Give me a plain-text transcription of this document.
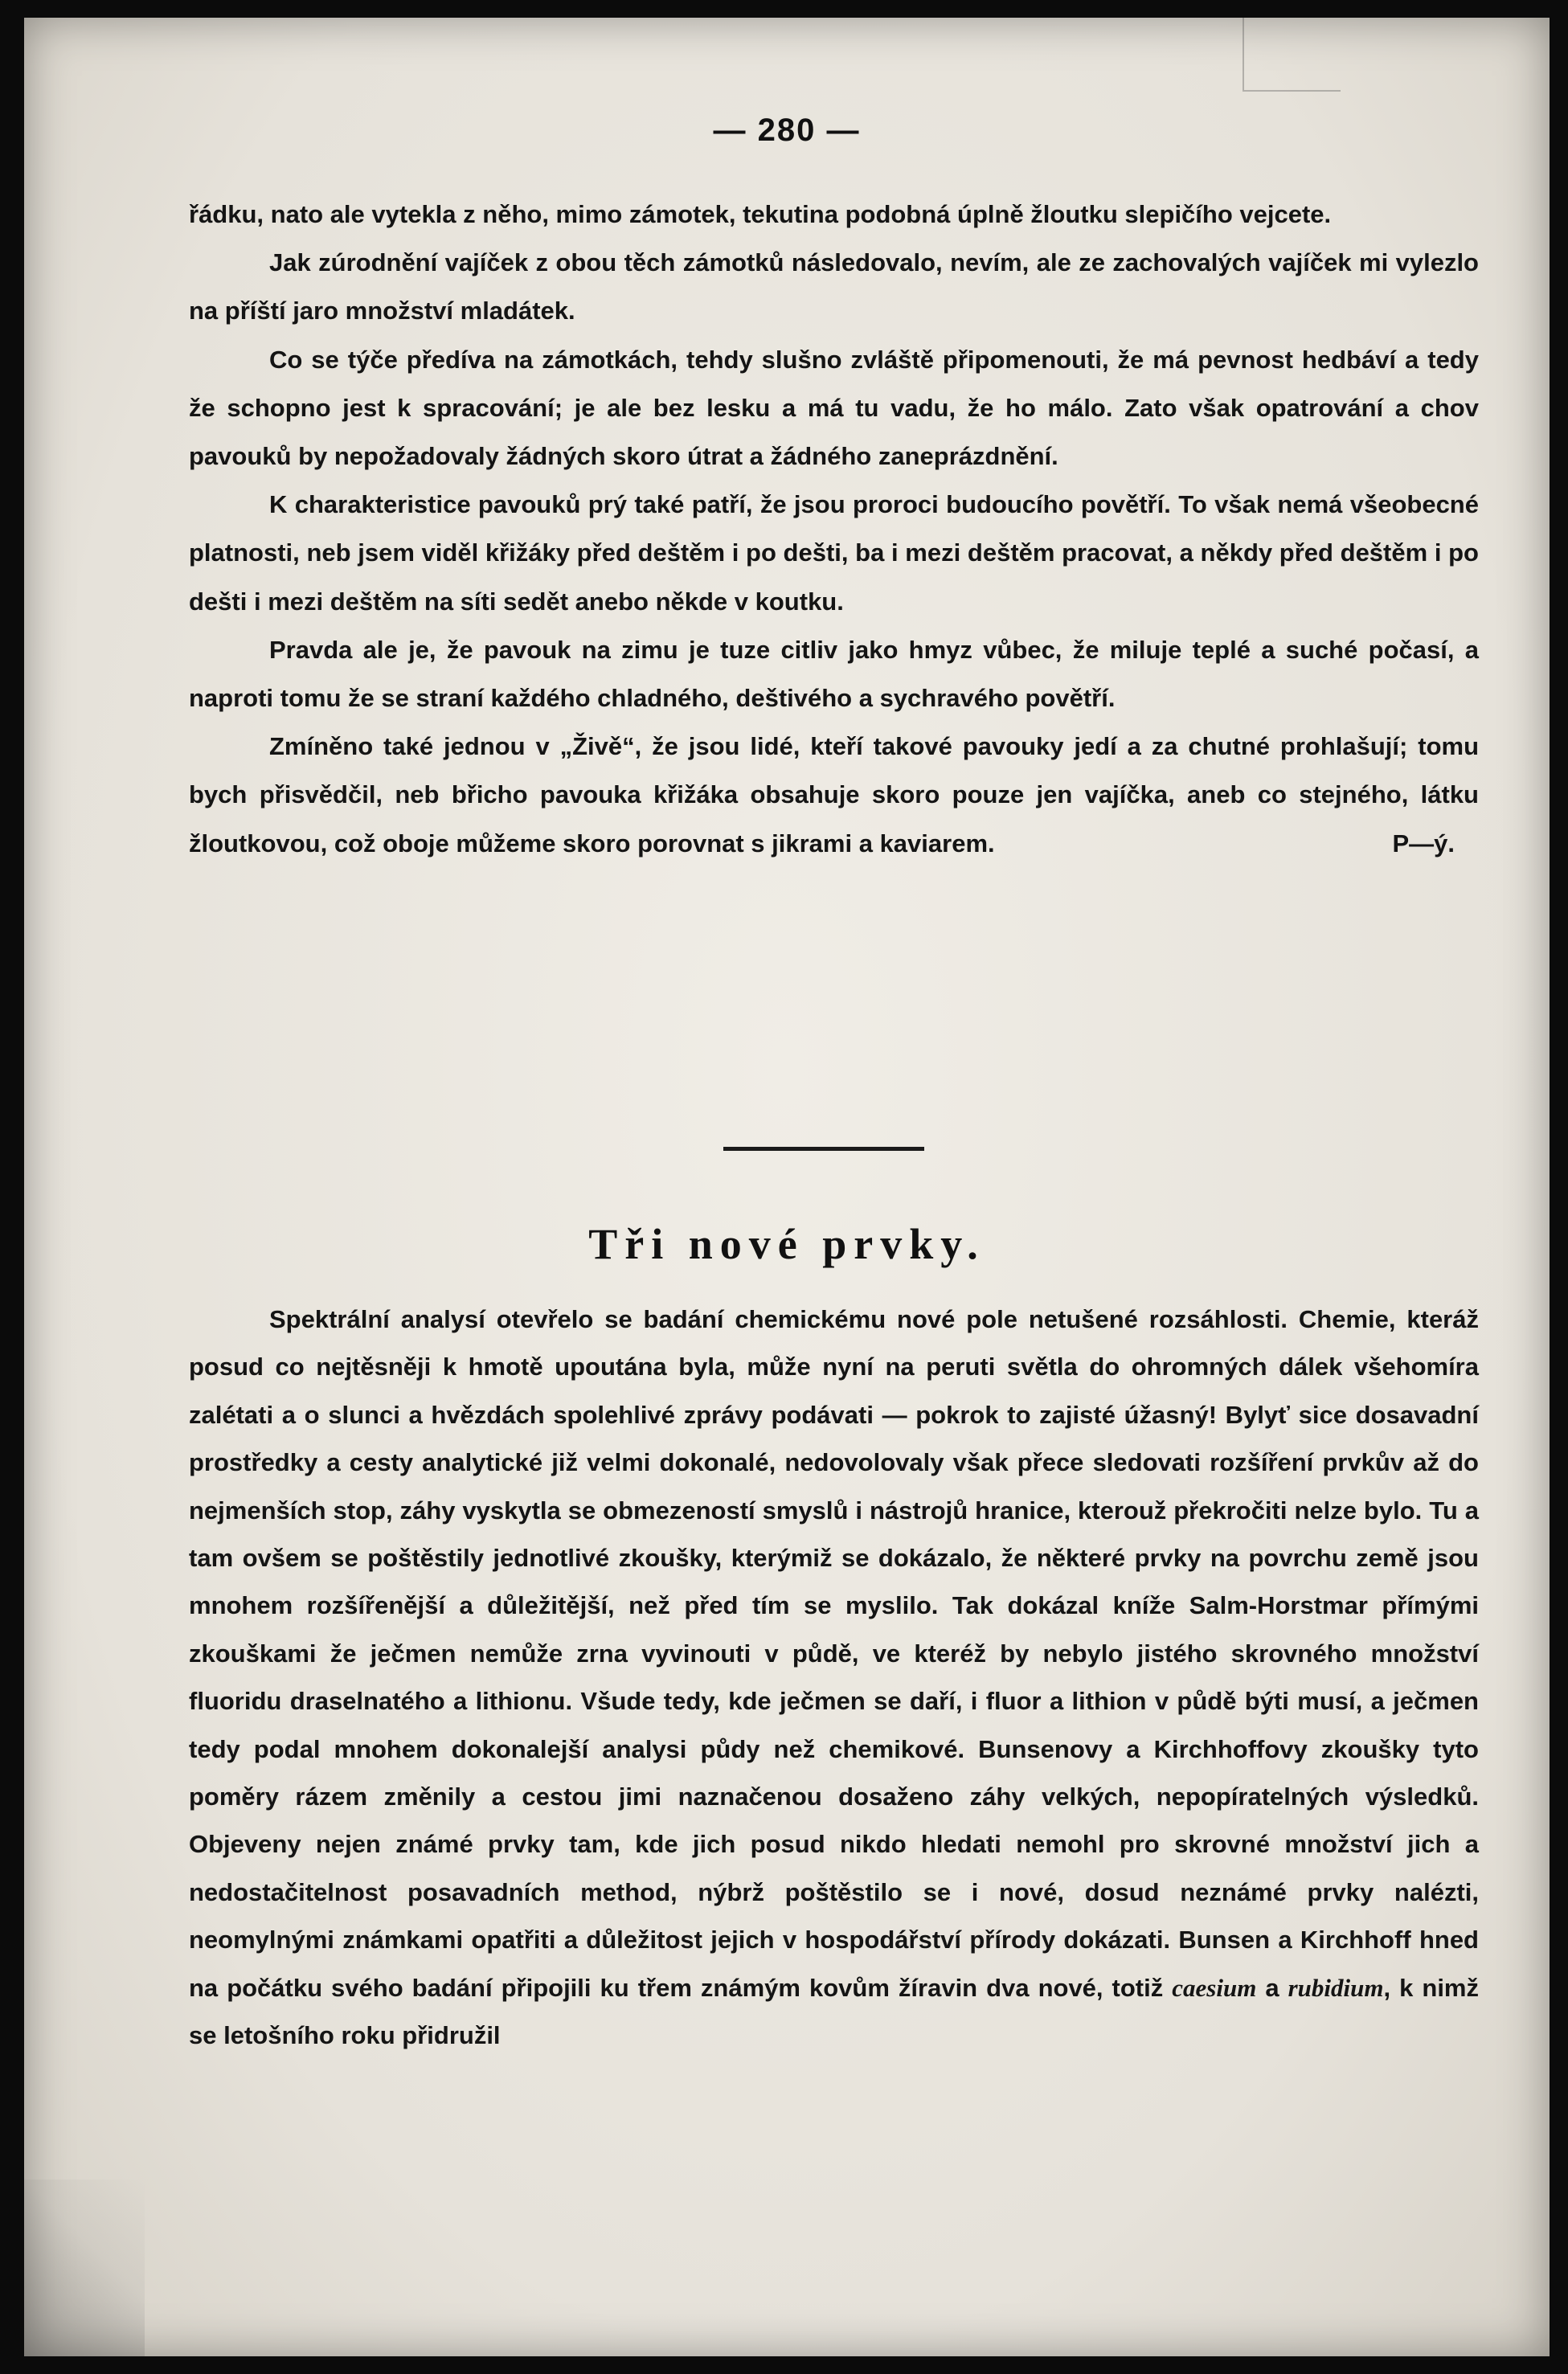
— 280 —

řádku, nato ale vytekla z něho, mimo zámotek, tekutina podobná úplně žloutku slepičího vejcete.

Jak zúrodnění vajíček z obou těch zámotků následovalo, nevím, ale ze zachovalých vajíček mi vylezlo na příští jaro množství mladátek.

Co se týče předíva na zámotkách, tehdy slušno zvláště připomenouti, že má pevnost hedbáví a tedy že schopno jest k spracování; je ale bez lesku a má tu vadu, že ho málo. Zato však opatrování a chov pavouků by nepožadovaly žádných skoro útrat a žádného zaneprázdnění.

K charakteristice pavouků prý také patří, že jsou proroci budoucího povětří. To však nemá všeobecné platnosti, neb jsem viděl křižáky před deštěm i po dešti, ba i mezi deštěm pracovat, a někdy před deštěm i po dešti i mezi deštěm na síti sedět anebo někde v koutku.

Pravda ale je, že pavouk na zimu je tuze citliv jako hmyz vůbec, že miluje teplé a suché počasí, a naproti tomu že se straní každého chladného, deštivého a sychravého povětří.

Zmíněno také jednou v „Živě“, že jsou lidé, kteří takové pavouky jedí a za chutné prohlašují; tomu bych přisvědčil, neb břicho pavouka křižáka obsahuje skoro pouze jen vajíčka, aneb co stejného, látku žloutkovou, což oboje můžeme skoro porovnat s jikrami a kaviarem.	P—ý.

Tři nové prvky.

Spektrální analysí otevřelo se badání chemickému nové pole netušené rozsáhlosti. Chemie, kteráž posud co nejtěsněji k hmotě upoutána byla, může nyní na peruti světla do ohromných dálek všehomíra zalétati a o slunci a hvězdách spolehlivé zprávy podávati — pokrok to zajisté úžasný! Bylyť sice dosavadní prostředky a cesty analytické již velmi dokonalé, nedovolovaly však přece sledovati rozšíření prvkův až do nejmenších stop, záhy vyskytla se obmezeností smyslů i nástrojů hranice, kterouž překročiti nelze bylo. Tu a tam ovšem se poštěstily jednotlivé zkoušky, kterýmiž se dokázalo, že některé prvky na povrchu země jsou mnohem rozšířenější a důležitější, než před tím se myslilo. Tak dokázal kníže Salm-Horstmar přímými zkouškami že ječmen nemůže zrna vyvinouti v půdě, ve kteréž by nebylo jistého skrovného množství fluoridu draselnatého a lithionu. Všude tedy, kde ječmen se daří, i fluor a lithion v půdě býti musí, a ječmen tedy podal mnohem dokonalejší analysi půdy než chemikové. Bunsenovy a Kirchhoffovy zkoušky tyto poměry rázem změnily a cestou jimi naznačenou dosaženo záhy velkých, nepopíratelných výsledků. Objeveny nejen známé prvky tam, kde jich posud nikdo hledati nemohl pro skrovné množství jich a nedostačitelnost posavadních method, nýbrž poštěstilo se i nové, dosud neznámé prvky nalézti, neomylnými známkami opatřiti a důležitost jejich v hospodářství přírody dokázati. Bunsen a Kirchhoff hned na počátku svého badání připojili ku třem známým kovům žíravin dva nové, totiž caesium a rubidium, k nimž se letošního roku přidružil
